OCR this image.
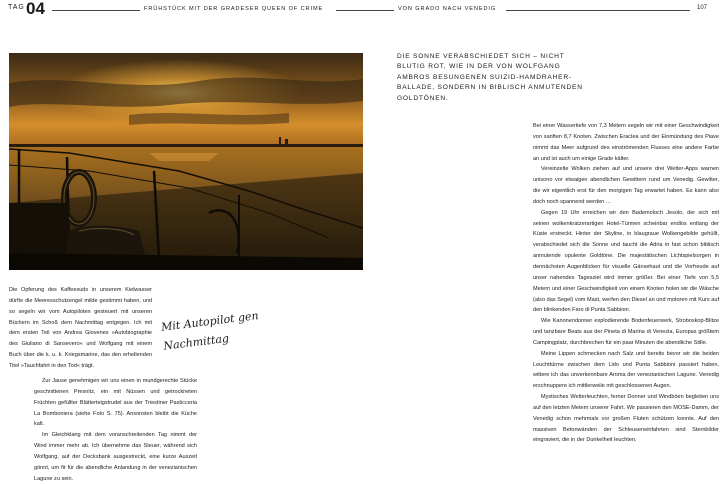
TAG 04	FRÜHSTÜCK MIT DER GRADESER QUEEN OF CRIME	VON GRADO NACH VENEDIG	107
DIE SONNE VERABSCHIEDET SICH – NICHT BLUTIG ROT, WIE IN DER VON WOLFGANG AMBROS BESUNGENEN SUIZID-HAMDRAHER-BALLADE, SONDERN IN BIBLISCH ANMUTENDEN GOLDTÖNEN.
Mit Autopilot gen
Nachmittag

Die Opferung des Kaffeesuds in unserem Kielwasser dürfte die Meeresschutzengel milde gestimmt haben, und so segeln wir vom Autopiloten gesteuert mit unseren Büchern im Schoß dem Nachmittag entgegen. Ich mit dem ersten Teil von Andrea Giovenes »Autobiographie des Giuliano di Sansevero« und Wolfgang mit einem Buch über die k. u. k. Kriegsmarine, das den erhellenden Titel »Tauchfahrt in den Tod« trägt.

Zur Jause genehmigen wir uns einen in mundgerechte Stücke geschnittenen Presnitz, ein mit Nüssen und getrockneten Früchten gefüllter Blätterteigstrudel aus der Triestiner Pasticceria La Bomboniera (siehe Foto S. 75). Ansonsten bleibt die Küche kalt.

Im Gleichklang mit dem voranschreitenden Tag nimmt der Wind immer mehr ab. Ich übernehme das Steuer, während sich Wolfgang, auf der Decksbank ausgestreckt, eine kurze Auszeit gönnt, um fit für die abendliche Anlandung in der venezianischen Lagune zu sein.

Bei einer Wassertiefe von 7,3 Metern segeln wir mit einer Geschwindigkeit von sanften 8,7 Knoten. Zwischen Eraclea und der Einmündung des Piave nimmt das Meer aufgrund des einströmenden Flusses eine andere Farbe an und ist auch um einige Grade kälter.

Vereinzelte Wolken ziehen auf und unsere drei Wetter-Apps warnen unisono vor etwaigen abendlichen Gewittern rund um Venedig. Gewitter, die wir eigentlich erst für den morgigen Tag erwartet haben. Es kann also doch noch spannend werden …

Gegen 19 Uhr erreichen wir den Bademoloch Jesolo, der sich mit seinen wolkenkratzerartigen Hotel-Türmen scheinbar endlos entlang der Küste erstreckt. Hinter der Skyline, in blaugraue Wolkengebilde gehüllt, verabschiedet sich die Sonne und taucht die Adria in fast schon biblisch anmutende opulente Goldtöne. Die majestätischen Lichtspielsorgen in dennächsten Augenblicken für visuelle Gänsehaut und die Vorfreude auf unser nahendes Tagesziel wird immer größer. Bei einer Tiefe von 5,5 Metern und einer Geschwindigkeit von einem Knoten holen wir die Wäsche (also das Segel) vom Mast, werfen den Diesel an und motoren mit Kurs auf den blinkenden Faro di Punta Sabbioni.

Wie Kanonendonner explodierende Bodenfeuerwerk, Stroboskop-Blitze und tanzbare Beats aus der Pineta di Marina di Venezia, Europas größtem Campingplatz, durchbrechen für ein paar Minuten die abendliche Stille.

Meine Lippen schmecken nach Salz und bereits bevor wir die beiden Leuchttürme zwischen dem Lido und Punta Sabbioni passiert haben, wittere ich das unverkennbare Aroma der venezianischen Lagune. Venedig erschnuppere ich mittlerweile mit geschlossenen Augen.

Mystisches Wetterleuchten, ferner Donner und Windböen begleiten uns auf den letzten Metern unserer Fahrt. Wir passieren den MOSE-Damm, der Venedig schon mehrmals vor großen Fluten schützen konnte. Auf den massiven Betonwänden der Schleuseneinfahrten sind Sternbilder eingraviert, die in der Dunkelheit leuchten.
